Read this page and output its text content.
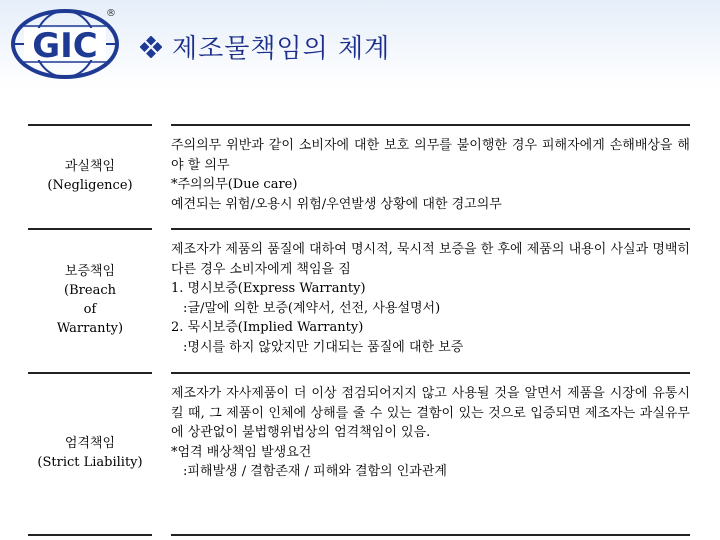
GIC
®
제조물책임의 체계
과실책임
(Negligence)

주의의무 위반과 같이 소비자에 대한 보호 의무를 불이행한 경우 피해자에게 손해배상을 해야 할 의무

*주의의무(Due care)

예견되는 위험/오용시 위험/우연발생 상황에 대한 경고의무

보증책임
(Breach
of
Warranty)

제조자가 제품의 품질에 대하여 명시적, 묵시적 보증을 한 후에 제품의 내용이 사실과 명백히 다른 경우 소비자에게 책임을 짐

1. 명시보증(Express Warranty)

:글/말에 의한 보증(계약서, 선전, 사용설명서)

2. 묵시보증(Implied Warranty)

:명시를 하지 않았지만 기대되는 품질에 대한 보증

엄격책임
(Strict Liability)

제조자가 자사제품이 더 이상 점검되어지지 않고 사용될 것을 알면서 제품을 시장에 유통시킬 때, 그 제품이 인체에 상해를 줄 수 있는 결함이 있는 것으로 입증되면 제조자는 과실유무에 상관없이 불법행위법상의 엄격책임이 있음.

*엄격 배상책임 발생요건

:피해발생 / 결함존재 / 피해와 결함의 인과관계
